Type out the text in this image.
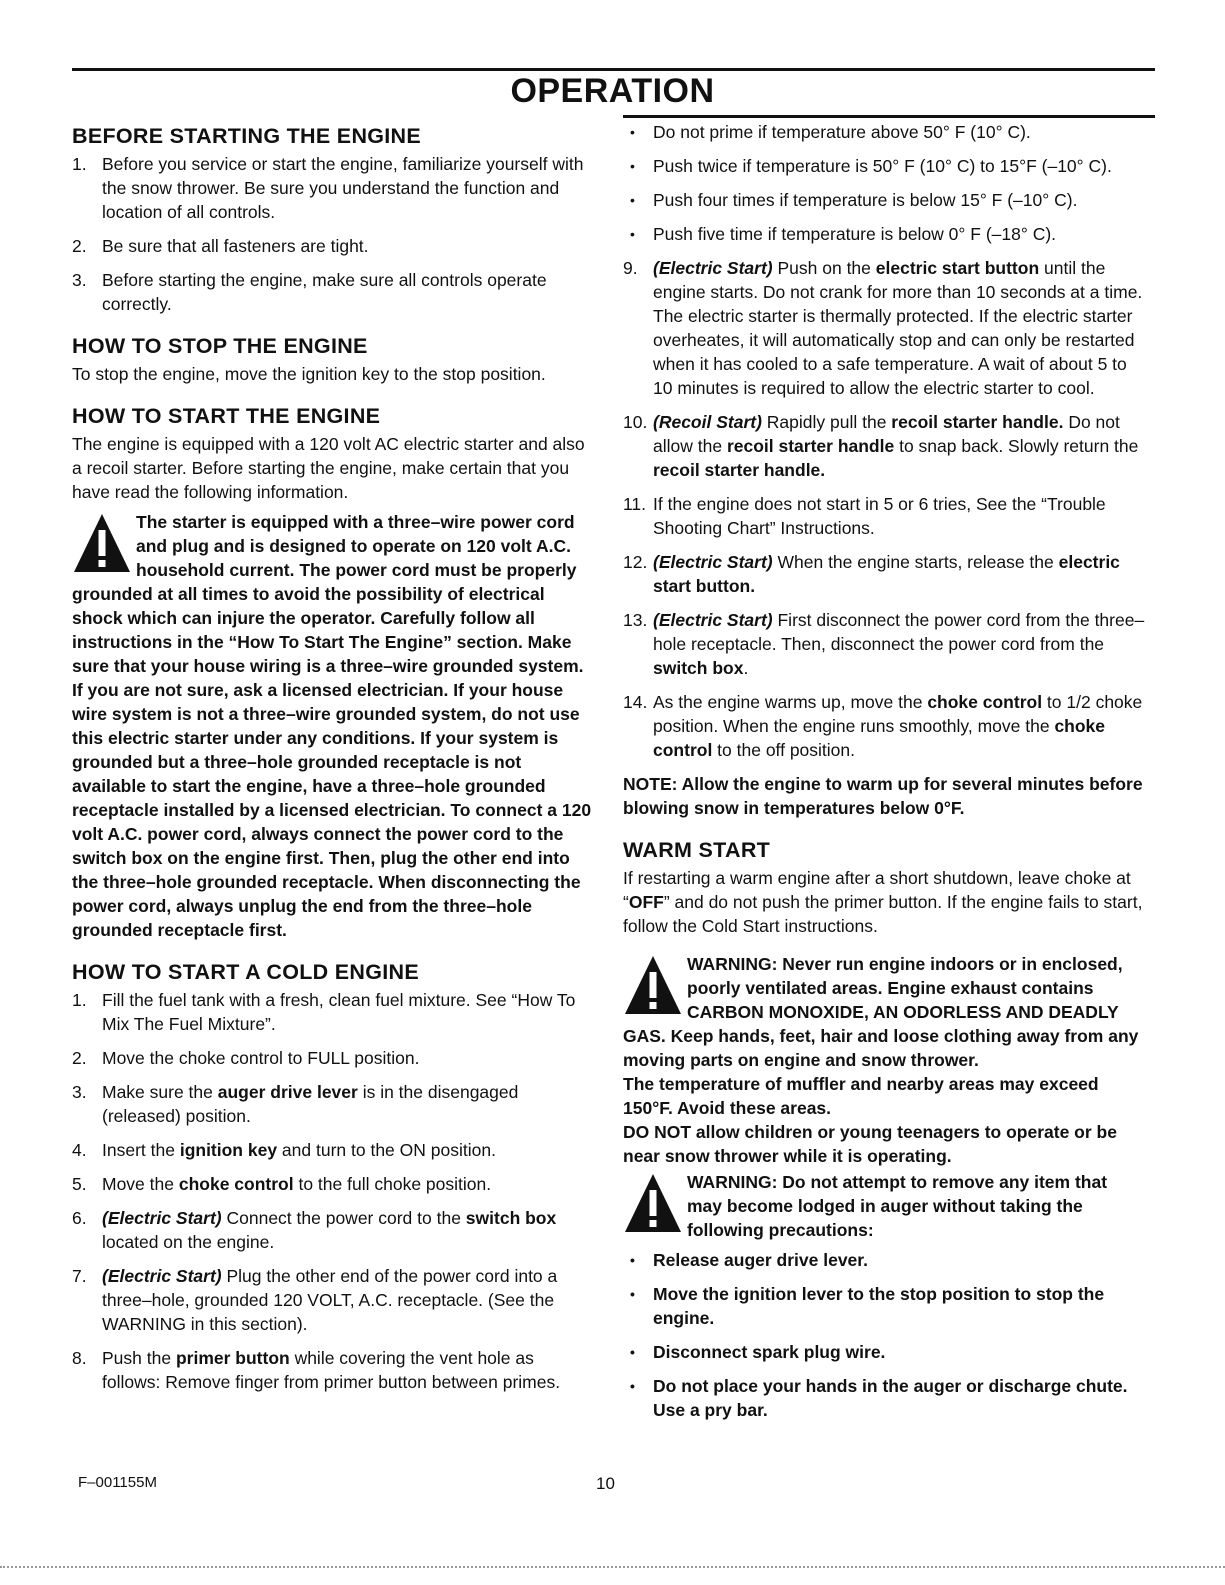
OPERATION
BEFORE STARTING THE ENGINE
1. Before you service or start the engine, familiarize yourself with the snow thrower. Be sure you understand the function and location of all controls.
2. Be sure that all fasteners are tight.
3. Before starting the engine, make sure all controls operate correctly.
HOW TO STOP THE ENGINE

To stop the engine, move the ignition key to the stop position.

HOW TO START THE ENGINE

The engine is equipped with a 120 volt AC electric starter and also a recoil starter. Before starting the engine, make certain that you have read the following information.

The starter is equipped with a three–wire power cord and plug and is designed to operate on 120 volt A.C. household current. The power cord must be properly grounded at all times to avoid the possibility of electrical shock which can injure the operator. Carefully follow all instructions in the “How To Start The Engine” section. Make sure that your house wiring is a three–wire grounded system. If you are not sure, ask a licensed electrician. If your house wire system is not a three–wire grounded system, do not use this electric starter under any conditions. If your system is grounded but a three–hole grounded receptacle is not available to start the engine, have a three–hole grounded receptacle installed by a licensed electrician. To connect a 120 volt A.C. power cord, always connect the power cord to the switch box on the engine first. Then, plug the other end into the three–hole grounded receptacle. When disconnecting the power cord, always unplug the end from the three–hole grounded receptacle first.
HOW TO START A COLD ENGINE
1. Fill the fuel tank with a fresh, clean fuel mixture. See “How To Mix The Fuel Mixture”.
2. Move the choke control to FULL position.
3. Make sure the auger drive lever is in the disengaged (released) position.
4. Insert the ignition key and turn to the ON position.
5. Move the choke control to the full choke position.
6. (Electric Start) Connect the power cord to the switch box located on the engine.
7. (Electric Start) Plug the other end of the power cord into a three–hole, grounded 120 VOLT, A.C. receptacle. (See the WARNING in this section).
8. Push the primer button while covering the vent hole as follows: Remove finger from primer button between primes.
• Do not prime if temperature above 50° F (10° C).
• Push twice if temperature is 50° F (10° C) to 15°F (–10° C).
• Push four times if temperature is below 15° F (–10° C).
• Push five time if temperature is below 0° F (–18° C).
9. (Electric Start) Push on the electric start button until the engine starts. Do not crank for more than 10 seconds at a time. The electric starter is thermally protected. If the electric starter overheates, it will automatically stop and can only be restarted when it has cooled to a safe temperature. A wait of about 5 to 10 minutes is required to allow the electric starter to cool.
10. (Recoil Start) Rapidly pull the recoil starter handle. Do not allow the recoil starter handle to snap back. Slowly return the recoil starter handle.
11. If the engine does not start in 5 or 6 tries, See the “Trouble Shooting Chart” Instructions.
12. (Electric Start) When the engine starts, release the electric start button.
13. (Electric Start) First disconnect the power cord from the three–hole receptacle. Then, disconnect the power cord from the switch box.
14. As the engine warms up, move the choke control to 1/2 choke position. When the engine runs smoothly, move the choke control to the off position.

NOTE: Allow the engine to warm up for several minutes before blowing snow in temperatures below 0°F.

WARM START

If restarting a warm engine after a short shutdown, leave choke at “OFF” and do not push the primer button. If the engine fails to start, follow the Cold Start instructions.

WARNING: Never run engine indoors or in enclosed, poorly ventilated areas. Engine exhaust contains CARBON MONOXIDE, AN ODORLESS AND DEADLY GAS. Keep hands, feet, hair and loose clothing away from any moving parts on engine and snow thrower.

The temperature of muffler and nearby areas may exceed 150°F. Avoid these areas.

DO NOT allow children or young teenagers to operate or be near snow thrower while it is operating.

WARNING: Do not attempt to remove any item that may become lodged in auger without taking the following precautions:
• Release auger drive lever.
• Move the ignition lever to the stop position to stop the engine.
• Disconnect spark plug wire.
• Do not place your hands in the auger or discharge chute. Use a pry bar.
F–001155M	10
